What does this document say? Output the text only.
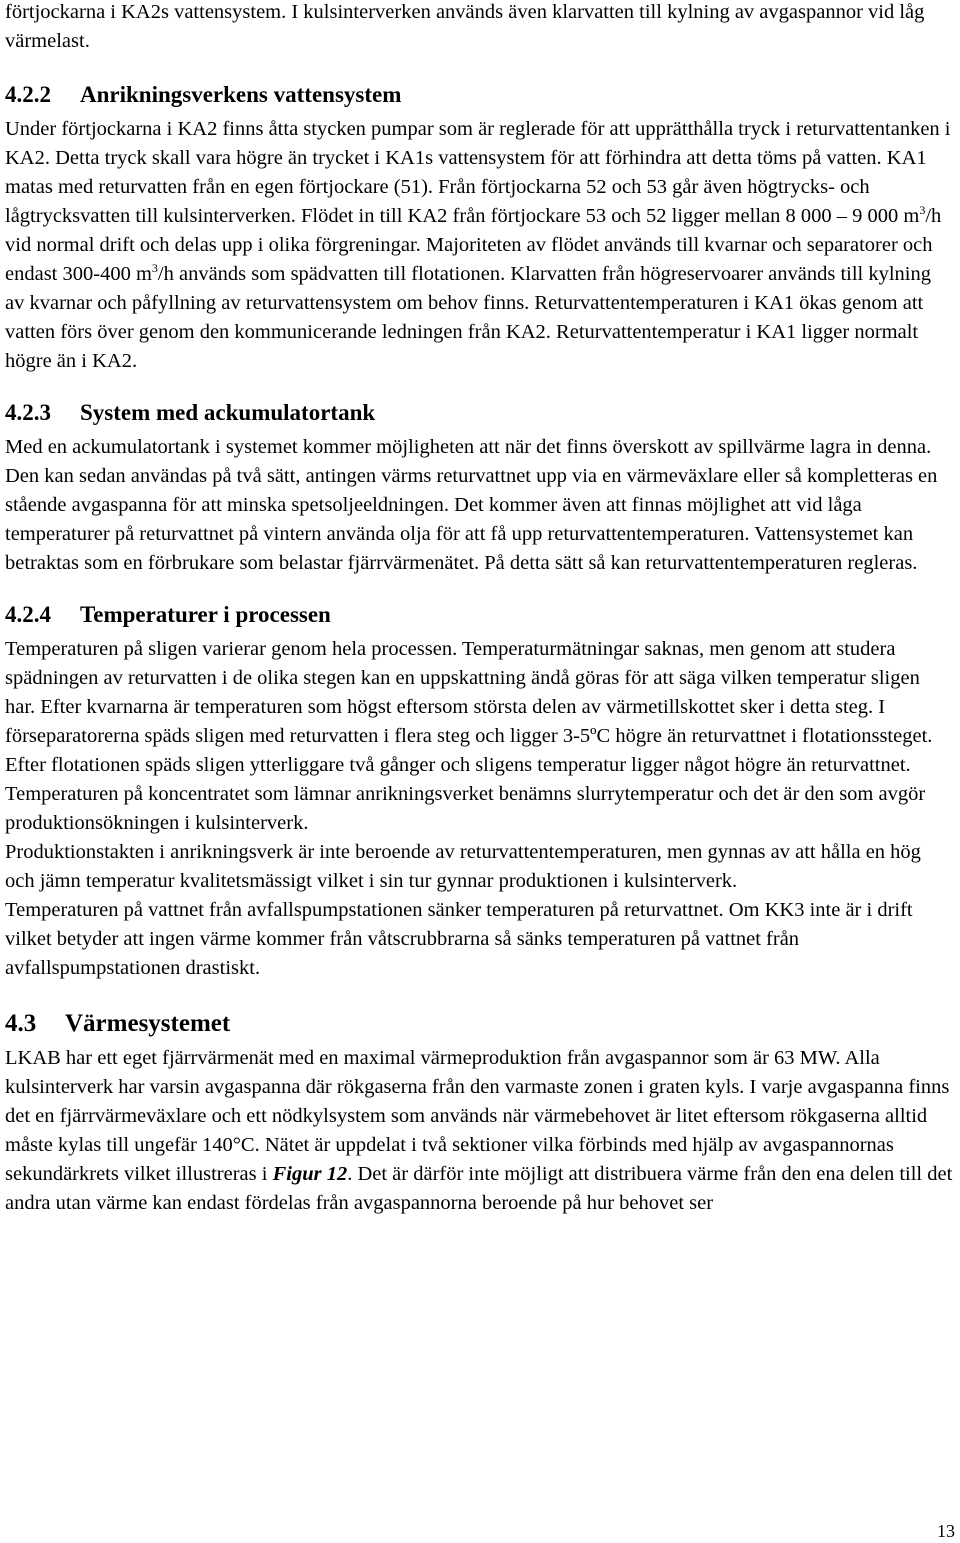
förtjockarna i KA2s vattensystem. I kulsinterverken används även klarvatten till kylning av avgaspannor vid låg värmelast.

4.2.2 Anrikningsverkens vattensystem

Under förtjockarna i KA2 finns åtta stycken pumpar som är reglerade för att upprätthålla tryck i returvattentanken i KA2. Detta tryck skall vara högre än trycket i KA1s vattensystem för att förhindra att detta töms på vatten. KA1 matas med returvatten från en egen förtjockare (51). Från förtjockarna 52 och 53 går även högtrycks- och lågtrycksvatten till kulsinterverken. Flödet in till KA2 från förtjockare 53 och 52 ligger mellan 8 000 – 9 000 $m^3/h$ vid normal drift och delas upp i olika förgreningar. Majoriteten av flödet används till kvarnar och separatorer och endast 300-400 $m^3/h$ används som spädvatten till flotationen. Klarvatten från högreservoarer används till kylning av kvarnar och påfyllning av returvattensystem om behov finns. Returvattentemperaturen i KA1 ökas genom att vatten förs över genom den kommunicerande ledningen från KA2. Returvattentemperatur i KA1 ligger normalt högre än i KA2.

4.2.3 System med ackumulatortank

Med en ackumulatortank i systemet kommer möjligheten att när det finns överskott av spillvärme lagra in denna. Den kan sedan användas på två sätt, antingen värms returvattnet upp via en värmeväxlare eller så kompletteras en stående avgaspanna för att minska spetsoljeeldningen. Det kommer även att finnas möjlighet att vid låga temperaturer på returvattnet på vintern använda olja för att få upp returvattentemperaturen. Vattensystemet kan betraktas som en förbrukare som belastar fjärrvärmenätet. På detta sätt så kan returvattentemperaturen regleras.

4.2.4 Temperaturer i processen

Temperaturen på sligen varierar genom hela processen. Temperaturmätningar saknas, men genom att studera spädningen av returvatten i de olika stegen kan en uppskattning ändå göras för att säga vilken temperatur sligen har. Efter kvarnarna är temperaturen som högst eftersom största delen av värmetillskottet sker i detta steg. I förseparatorerna späds sligen med returvatten i flera steg och ligger 3-5ºC högre än returvattnet i flotationssteget. Efter flotationen späds sligen ytterliggare två gånger och sligens temperatur ligger något högre än returvattnet. Temperaturen på koncentratet som lämnar anrikningsverket benämns slurrytemperatur och det är den som avgör produktionsökningen i kulsinterverk.

Produktionstakten i anrikningsverk är inte beroende av returvattentemperaturen, men gynnas av att hålla en hög och jämn temperatur kvalitetsmässigt vilket i sin tur gynnar produktionen i kulsinterverk.

Temperaturen på vattnet från avfallspumpstationen sänker temperaturen på returvattnet. Om KK3 inte är i drift vilket betyder att ingen värme kommer från våtscrubbrarna så sänks temperaturen på vattnet från avfallspumpstationen drastiskt.

4.3 Värmesystemet

LKAB har ett eget fjärrvärmenät med en maximal värmeproduktion från avgaspannor som är 63 MW. Alla kulsinterverk har varsin avgaspanna där rökgaserna från den varmaste zonen i graten kyls. I varje avgaspanna finns det en fjärrvärmeväxlare och ett nödkylsystem som används när värmebehovet är litet eftersom rökgaserna alltid måste kylas till ungefär 140°C. Nätet är uppdelat i två sektioner vilka förbinds med hjälp av avgaspannornas sekundärkrets vilket illustreras i Figur 12. Det är därför inte möjligt att distribuera värme från den ena delen till det andra utan värme kan endast fördelas från avgaspannorna beroende på hur behovet ser

13
